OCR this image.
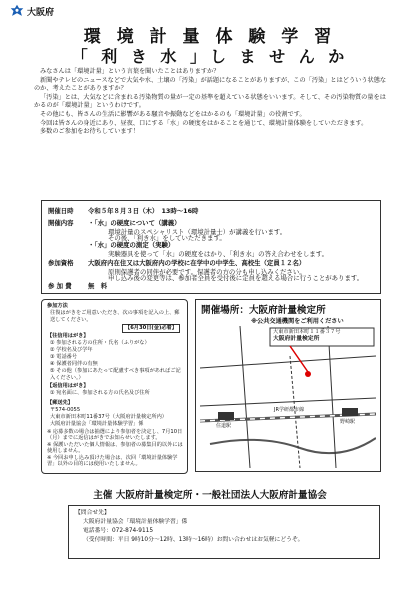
大阪府
環 境 計 量 体 験 学 習
「 利 き 水 」し ま せ ん か

みなさんは「環境計量」という言葉を聞いたことはありますか？

新聞やテレビのニュースなどで大気や水、土壌の「汚染」が話題になることがありますが、この「汚染」とはどういう状態なのか、考えたことがありますか？

「汚染」とは、大気などに含まれる汚染物質の量が一定の基準を超えている状態をいいます。そして、その汚染物質の量をはかるのが「環境計量」というわけです。

その他にも、皆さんの生活に影響がある騒音や振動などをはかるのも「環境計量」の役割です。

今回は皆さんの身近にあり、昼夜、口にする「水」の硬度をはかることを通じて、環境計量体験をしていただきます。

多数のご参加をお待ちしています！

開催日時 令和５年８月３日（木）　13時～16時
開催内容 ・「水」の硬度について（講義）
環境計量のスペシャリスト（環境計量士）が講義を行います。
その後、「利き水」をしていただきます。
・「水」の硬度の測定（実験）
実験器具を使って「水」の硬度をはかり、「利き水」の答え合わせをします。
参加資格 大阪府内在住又は大阪府内の学校に在学中の中学生、高校生（定員１２名）
原則保護者の同伴が必要です。保護者の方の分も申し込みください。
申し込み後の変更等は、参加者全員を受付後に定員を超える場合に行うことがあります。
参 加 費	無　料
参加方法
往復はがきをご用意いただき、次の事項を記入の上、郵送してください。
【6月30日(金)必着】
【往信用はがき】
① 参加される方の住所・氏名（ふりがな）
② 学校名及び学年
③ 電話番号
④ 保護者同伴の有無
⑤ その他（参加にあたって配慮すべき事項があればご記入ください。）
【返信用はがき】
① 宛名面に、参加される方の氏名及び住所
【郵送先】
〒574-0055
大東市新田本町11番37号（大阪府計量検定所内）
大阪府計量協会「環境計量体験学習」係
※ 応募多数の場合は抽選により参加者を決定し、7月10日（月）までに返信はがきでお知らせいたします。
※ 保護いただいた個人情報は、参加者の募集目的以外には使用しません。
※ 今回お申し込み頂けた場合は、次回「環境計量体験学習」以外の目的には使用いたしません。
開催場所：大阪府計量検定所
※公共交通機関をご利用ください
大東市新田本町１１番３７号
大阪府計量検定所
住道駅
野崎駅
JR学研都市線
主催 大阪府計量検定所・一般社団法人大阪府計量協会
【問合せ先】
大阪府計量協会「環境計量体験学習」係
電話番号：072-874-9115
（受付時間：平日 9時10分～12時、13時～16時）お問い合わせはお気軽にどうぞ。
